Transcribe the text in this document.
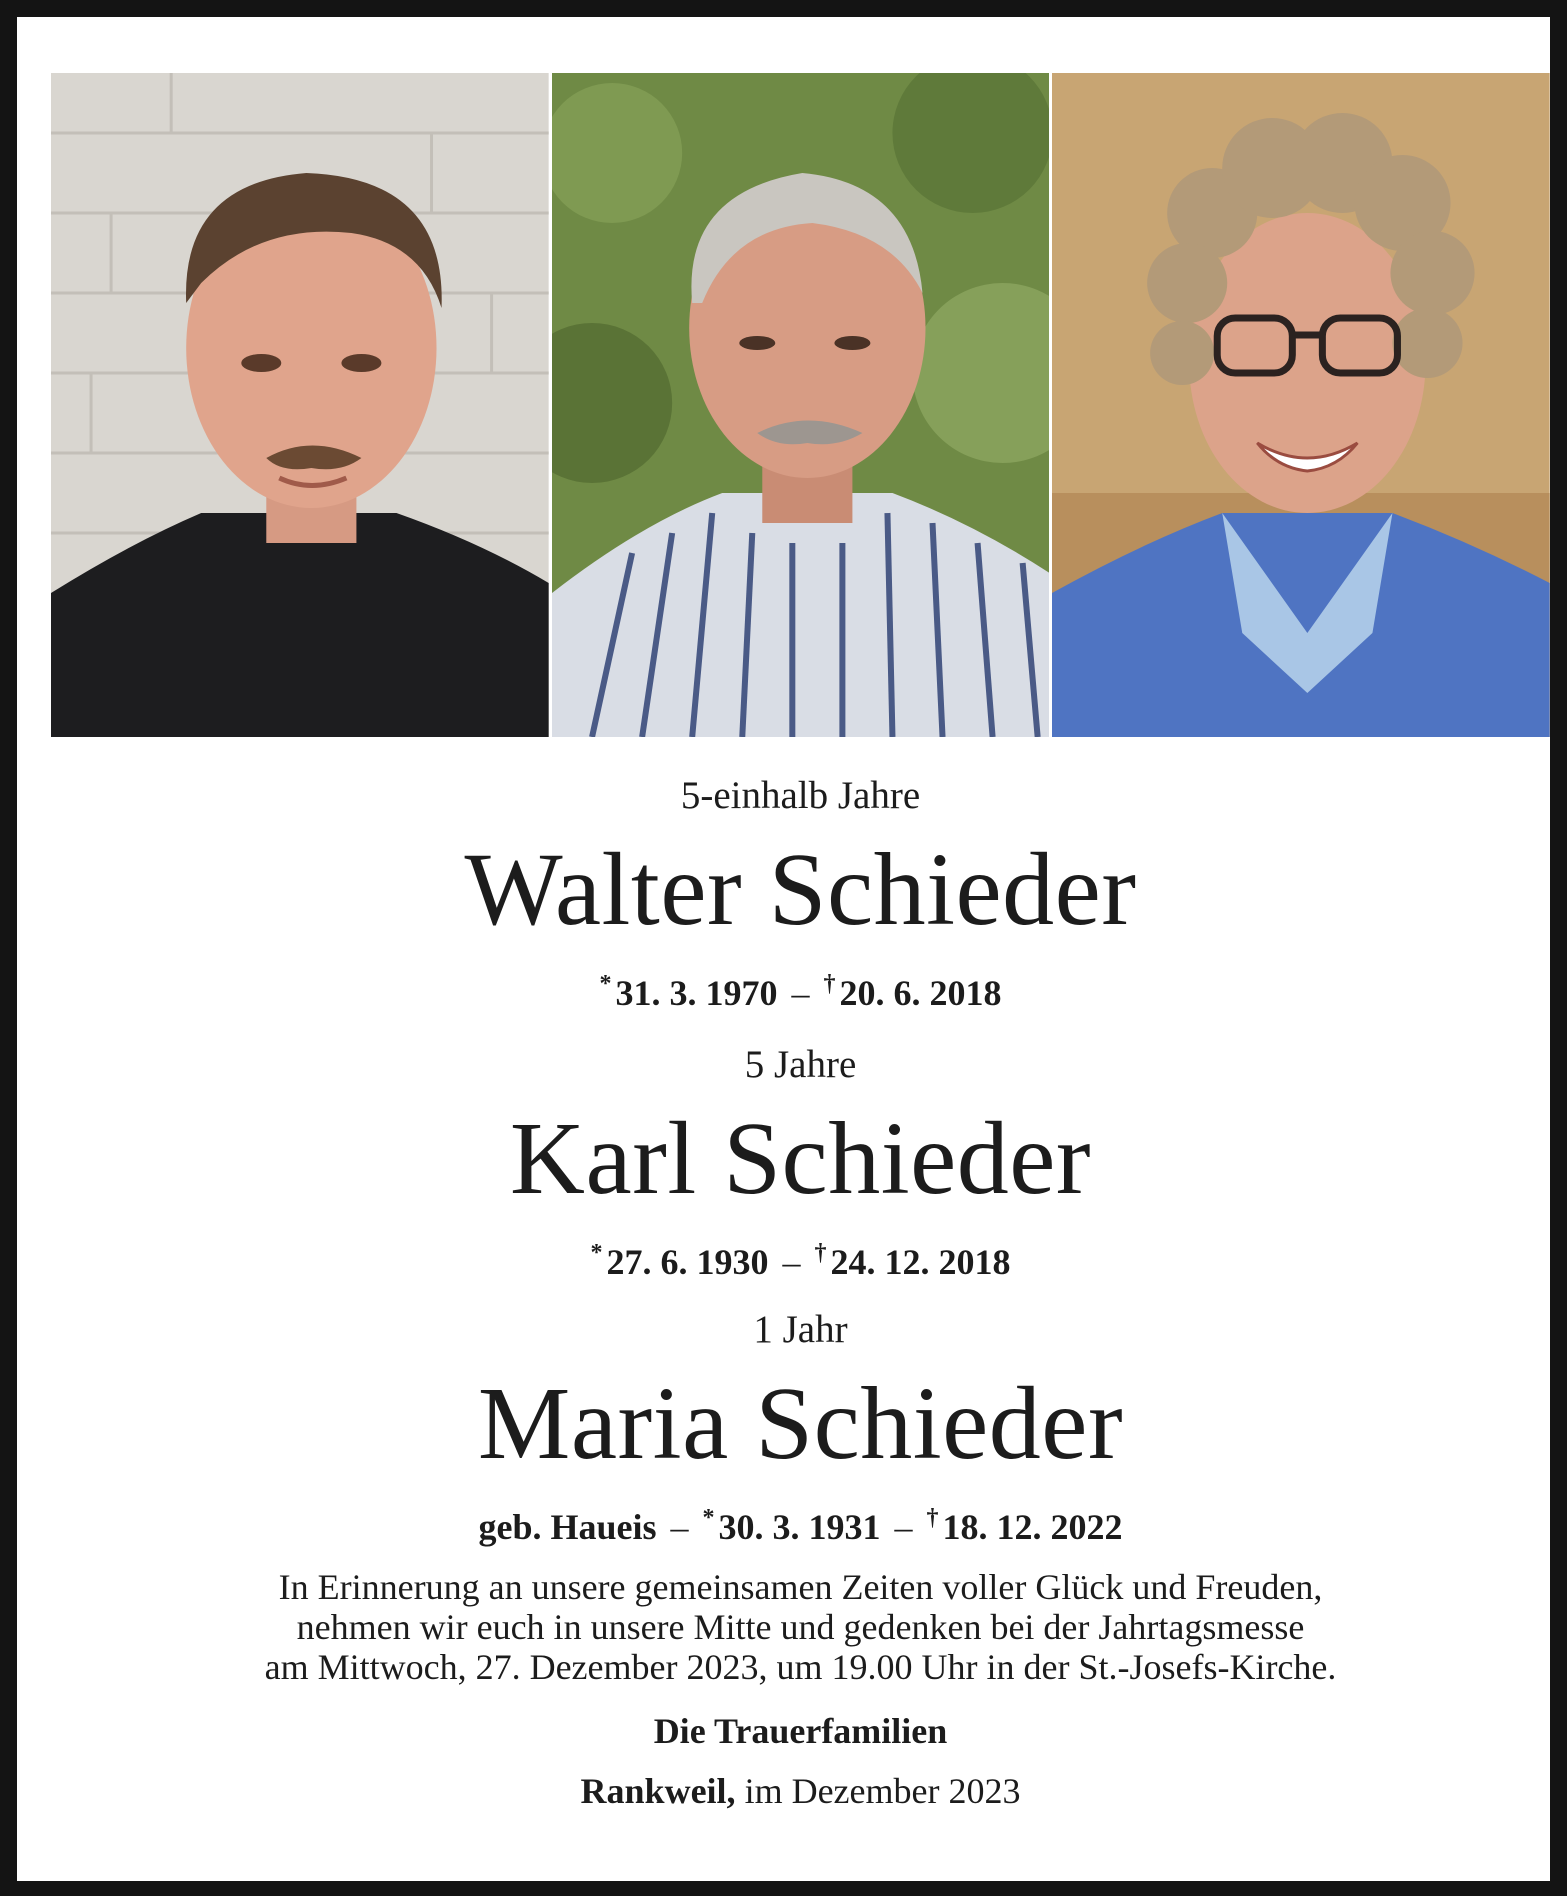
5-einhalb Jahre

Walter Schieder

* 31. 3. 1970 – † 20. 6. 2018

5 Jahre

Karl Schieder

* 27. 6. 1930 – † 24. 12. 2018

1 Jahr

Maria Schieder

geb. Haueis – * 30. 3. 1931 – † 18. 12. 2022

In Erinnerung an unsere gemeinsamen Zeiten voller Glück und Freuden,
nehmen wir euch in unsere Mitte und gedenken bei der Jahrtagsmesse
am Mittwoch, 27. Dezember 2023, um 19.00 Uhr in der St.-Josefs-Kirche.

Die Trauerfamilien

Rankweil, im Dezember 2023
